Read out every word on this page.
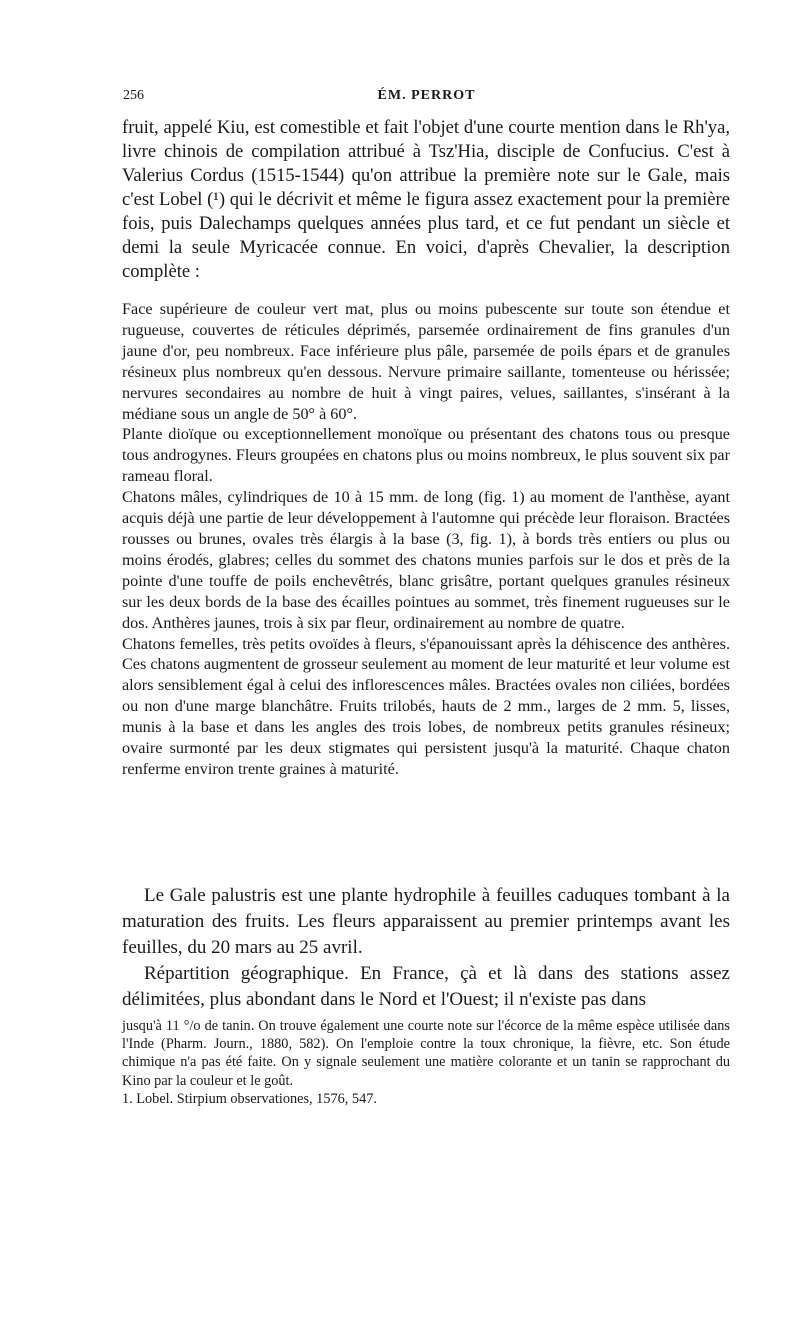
256	ÉM. PERROT

fruit, appelé Kiu, est comestible et fait l'objet d'une courte mention dans le Rh'ya, livre chinois de compilation attribué à Tsz'Hia, disciple de Confucius. C'est à Valerius Cordus (1515-1544) qu'on attribue la première note sur le Gale, mais c'est Lobel (¹) qui le décrivit et même le figura assez exactement pour la première fois, puis Dalechamps quelques années plus tard, et ce fut pendant un siècle et demi la seule Myricacée connue. En voici, d'après Chevalier, la description complète :

Face supérieure de couleur vert mat, plus ou moins pubescente sur toute son étendue et rugueuse, couvertes de réticules déprimés, parsemée ordinairement de fins granules d'un jaune d'or, peu nombreux. Face inférieure plus pâle, parsemée de poils épars et de granules résineux plus nombreux qu'en dessous. Nervure primaire saillante, tomenteuse ou hérissée; nervures secondaires au nombre de huit à vingt paires, velues, saillantes, s'insérant à la médiane sous un angle de 50° à 60°.

Plante dioïque ou exceptionnellement monoïque ou présentant des chatons tous ou presque tous androgynes. Fleurs groupées en chatons plus ou moins nombreux, le plus souvent six par rameau floral.

Chatons mâles, cylindriques de 10 à 15 mm. de long (fig. 1) au moment de l'anthèse, ayant acquis déjà une partie de leur développement à l'automne qui précède leur floraison. Bractées rousses ou brunes, ovales très élargis à la base (3, fig. 1), à bords très entiers ou plus ou moins érodés, glabres; celles du sommet des chatons munies parfois sur le dos et près de la pointe d'une touffe de poils enchevêtrés, blanc grisâtre, portant quelques granules résineux sur les deux bords de la base des écailles pointues au sommet, très finement rugueuses sur le dos. Anthères jaunes, trois à six par fleur, ordinairement au nombre de quatre.

Chatons femelles, très petits ovoïdes à fleurs, s'épanouissant après la déhiscence des anthères. Ces chatons augmentent de grosseur seulement au moment de leur maturité et leur volume est alors sensiblement égal à celui des inflorescences mâles. Bractées ovales non ciliées, bordées ou non d'une marge blanchâtre. Fruits trilobés, hauts de 2 mm., larges de 2 mm. 5, lisses, munis à la base et dans les angles des trois lobes, de nombreux petits granules résineux; ovaire surmonté par les deux stigmates qui persistent jusqu'à la maturité. Chaque chaton renferme environ trente graines à maturité.

Le Gale palustris est une plante hydrophile à feuilles caduques tombant à la maturation des fruits. Les fleurs apparaissent au premier printemps avant les feuilles, du 20 mars au 25 avril.

Répartition géographique. En France, çà et là dans des stations assez délimitées, plus abondant dans le Nord et l'Ouest; il n'existe pas dans

jusqu'à 11 °/o de tanin. On trouve également une courte note sur l'écorce de la même espèce utilisée dans l'Inde (Pharm. Journ., 1880, 582). On l'emploie contre la toux chronique, la fièvre, etc. Son étude chimique n'a pas été faite. On y signale seulement une matière colorante et un tanin se rapprochant du Kino par la couleur et le goût.

1. Lobel. Stirpium observationes, 1576, 547.
